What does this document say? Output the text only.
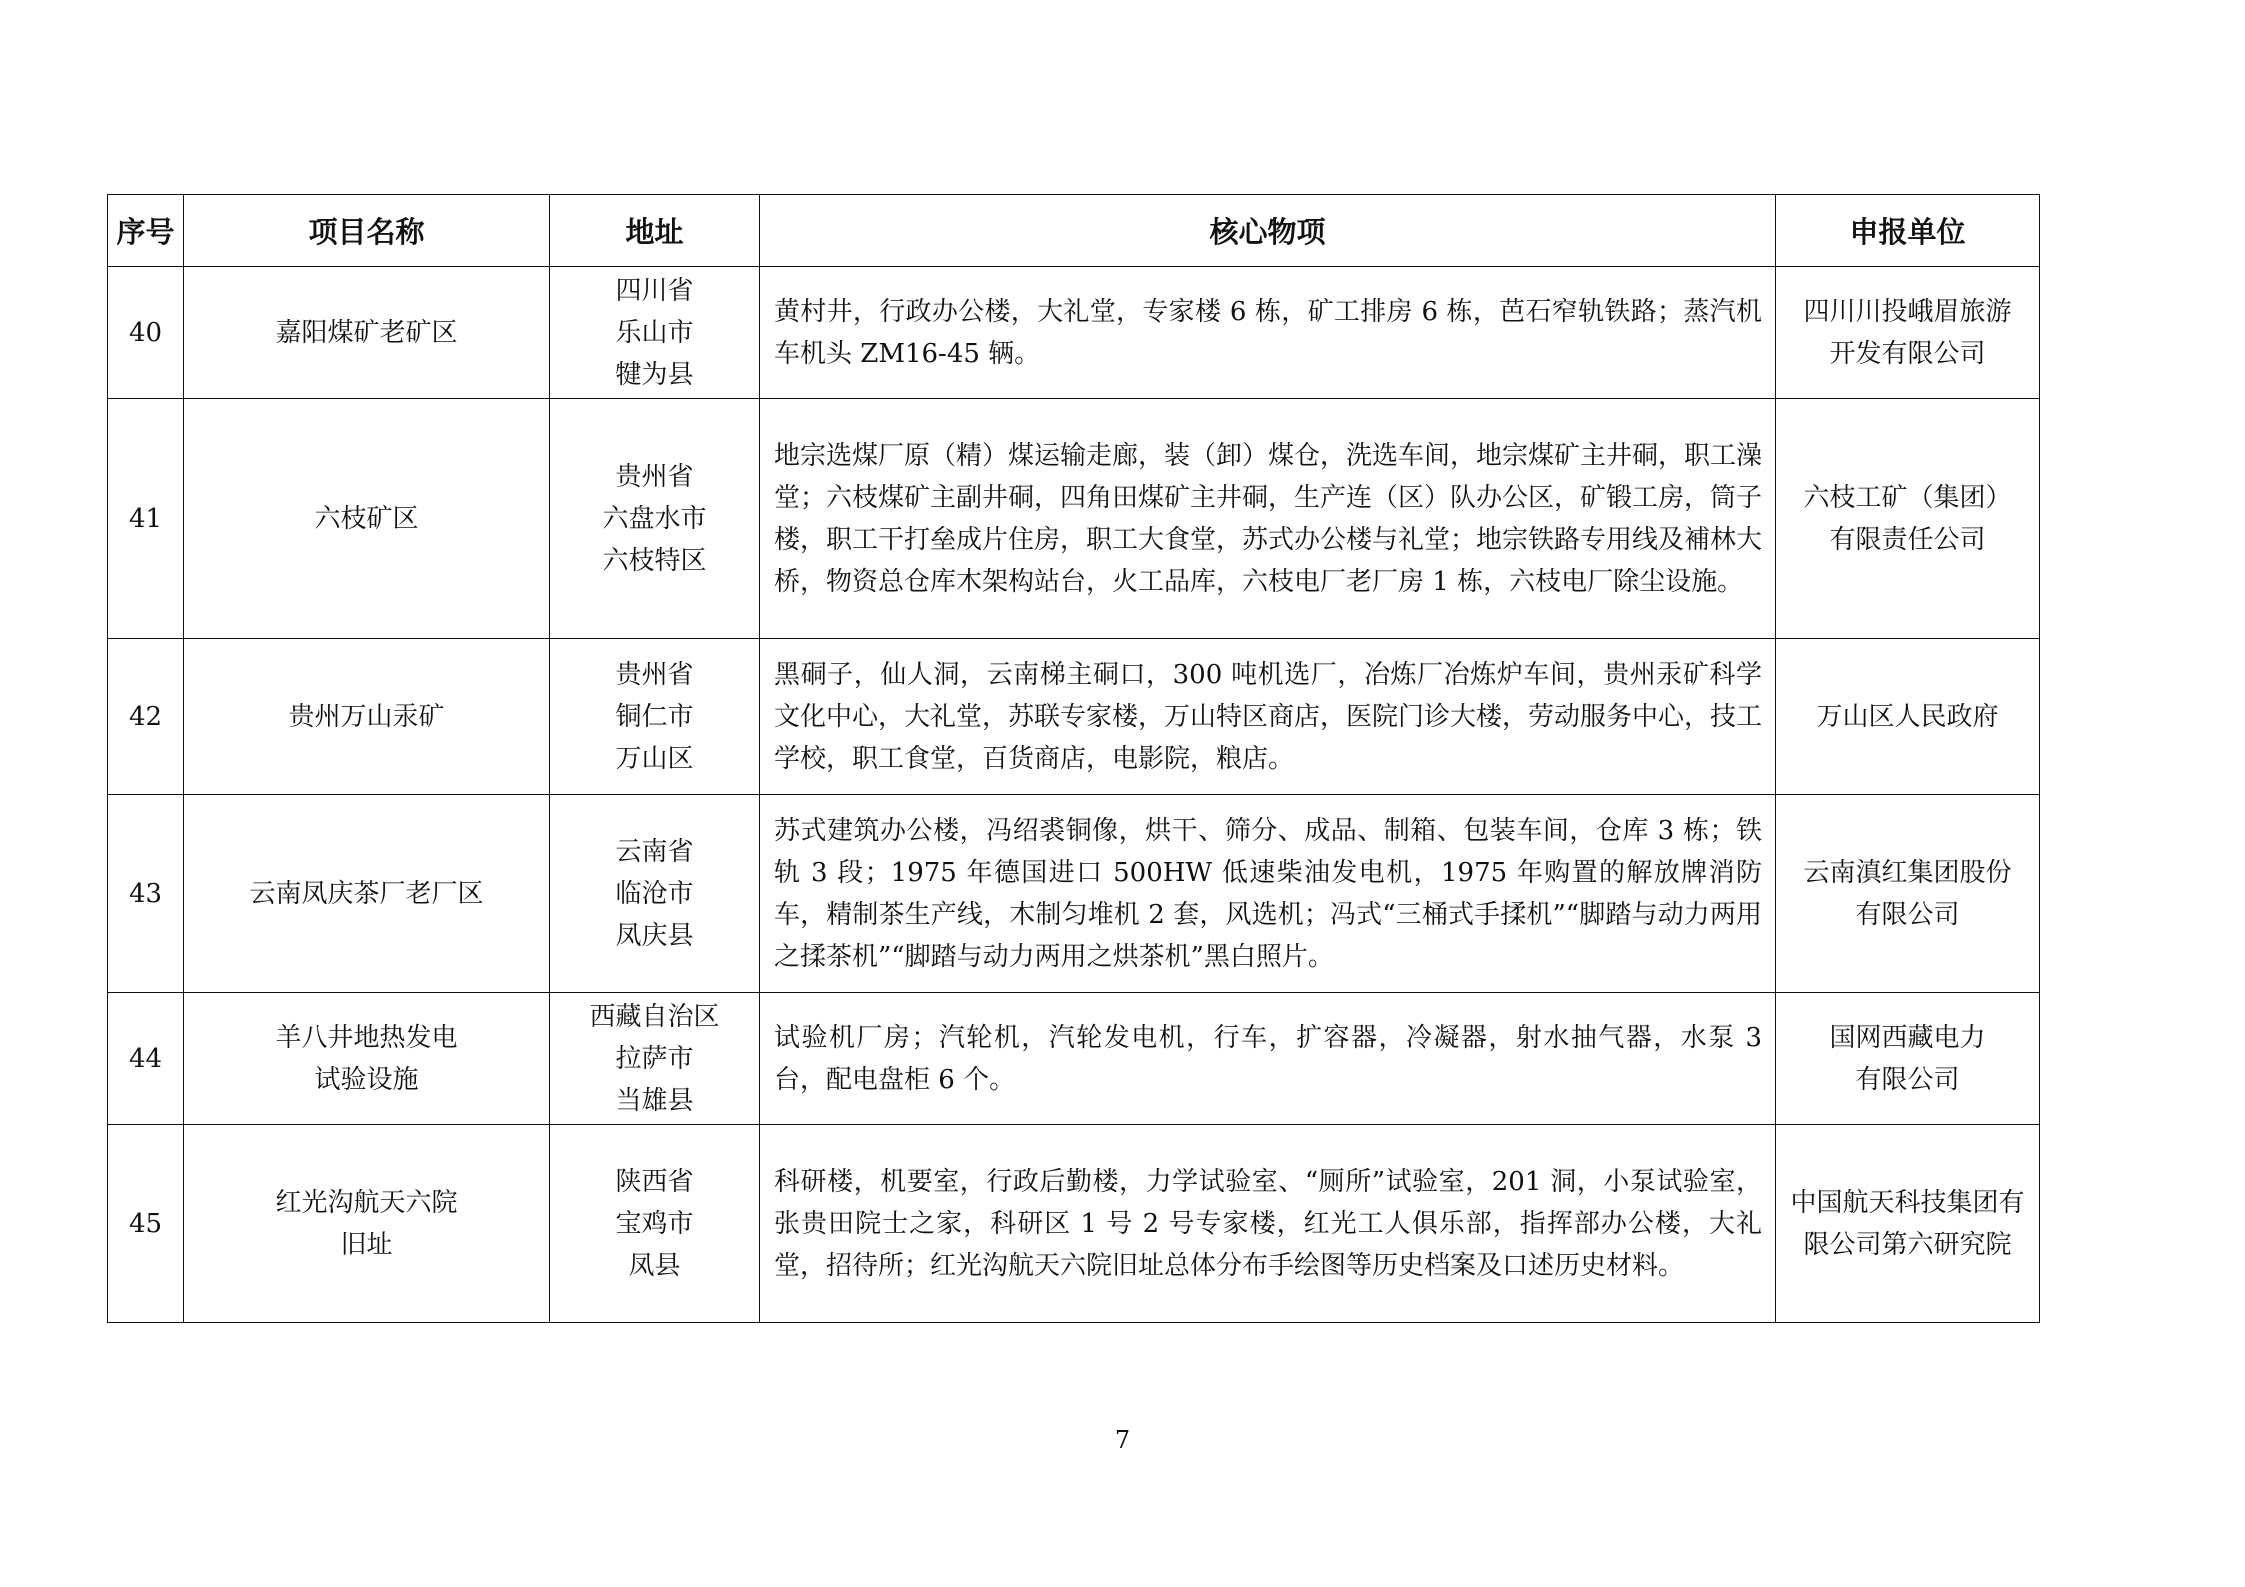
序号	项目名称	地址	核心物项	申报单位
40	嘉阳煤矿老矿区	四川省
乐山市
犍为县	黄村井，行政办公楼，大礼堂，专家楼 6 栋，矿工排房 6 栋，芭石窄轨铁路；蒸汽机车机头 ZM16-45 辆。	四川川投峨眉旅游
开发有限公司

41	六枝矿区	贵州省
六盘水市
六枝特区	地宗选煤厂原（精）煤运输走廊，装（卸）煤仓，洗选车间，地宗煤矿主井硐，职工澡堂；六枝煤矿主副井硐，四角田煤矿主井硐，生产连（区）队办公区，矿锻工房，筒子楼，职工干打垒成片住房，职工大食堂，苏式办公楼与礼堂；地宗铁路专用线及補林大桥，物资总仓库木架构站台，火工品库，六枝电厂老厂房 1 栋，六枝电厂除尘设施。	六枝工矿（集团）
有限责任公司

42	贵州万山汞矿	贵州省
铜仁市
万山区	黑硐子，仙人洞，云南梯主硐口，300 吨机选厂，冶炼厂冶炼炉车间，贵州汞矿科学文化中心，大礼堂，苏联专家楼，万山特区商店，医院门诊大楼，劳动服务中心，技工学校，职工食堂，百货商店，电影院，粮店。	万山区人民政府

43	云南凤庆茶厂老厂区	云南省
临沧市
凤庆县	苏式建筑办公楼，冯绍裘铜像，烘干、筛分、成品、制箱、包装车间，仓库 3 栋；铁轨 3 段；1975 年德国进口 500HW 低速柴油发电机，1975 年购置的解放牌消防车，精制茶生产线，木制匀堆机 2 套，风选机；冯式“三桶式手揉机”“脚踏与动力两用之揉茶机”“脚踏与动力两用之烘茶机”黑白照片。	云南滇红集团股份
有限公司

44	羊八井地热发电
试验设施	西藏自治区
拉萨市
当雄县	试验机厂房；汽轮机，汽轮发电机，行车，扩容器，冷凝器，射水抽气器，水泵 3 台，配电盘柜 6 个。	国网西藏电力
有限公司

45	红光沟航天六院
旧址	陕西省
宝鸡市
凤县	科研楼，机要室，行政后勤楼，力学试验室、“厕所”试验室，201 洞，小泵试验室，张贵田院士之家，科研区 1 号 2 号专家楼，红光工人俱乐部，指挥部办公楼，大礼堂，招待所；红光沟航天六院旧址总体分布手绘图等历史档案及口述历史材料。	中国航天科技集团有
限公司第六研究院
7
